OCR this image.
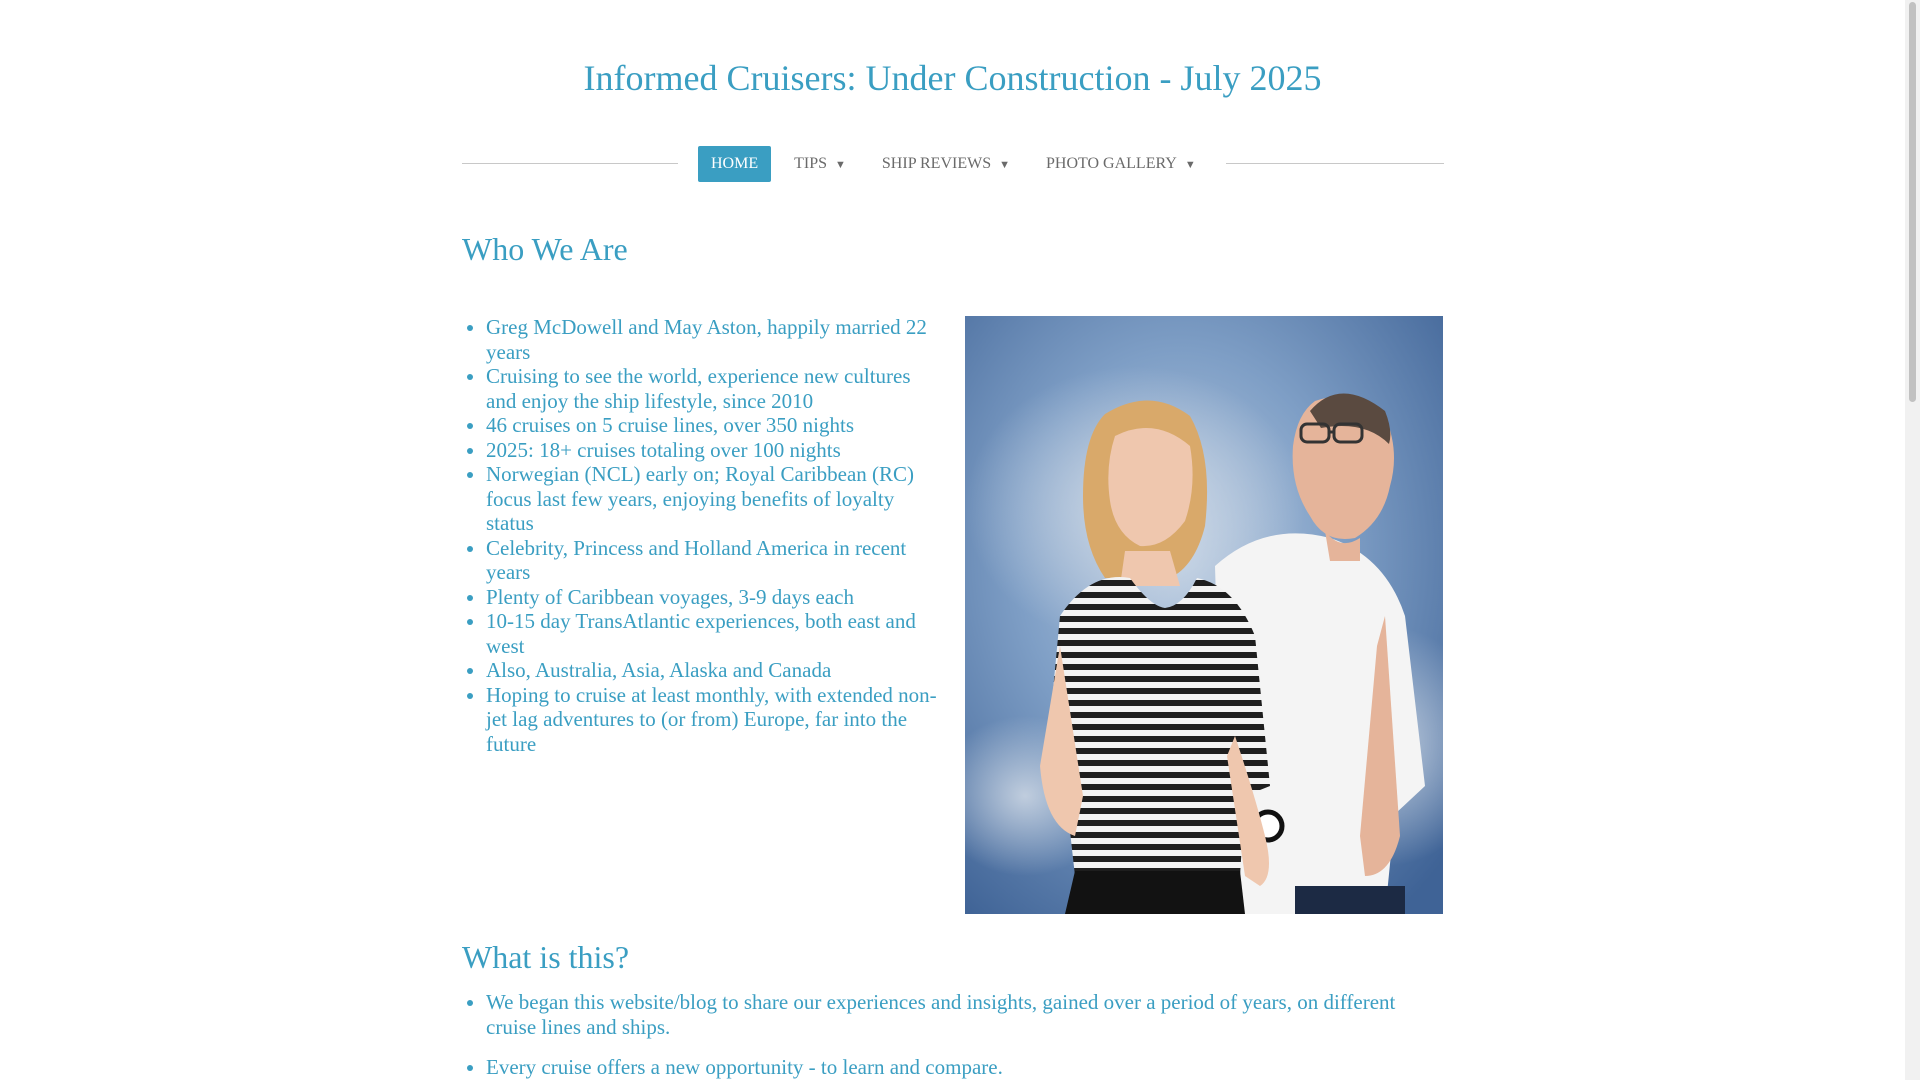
Informed Cruisers: Under Construction - July 2025
HOME	TIPS ▼	SHIP REVIEWS ▼	PHOTO GALLERY ▼
Who We Are
• Greg McDowell and May Aston, happily married 22 years
• Cruising to see the world, experience new cultures and enjoy the ship lifestyle, since 2010
• 46 cruises on 5 cruise lines, over 350 nights
• 2025: 18+ cruises totaling over 100 nights
• Norwegian (NCL) early on; Royal Caribbean (RC) focus last few years, enjoying benefits of loyalty status
• Celebrity, Princess and Holland America in recent years
• Plenty of Caribbean voyages, 3-9 days each
• 10-15 day TransAtlantic experiences, both east and west
• Also, Australia, Asia, Alaska and Canada
• Hoping to cruise at least monthly, with extended non-jet lag adventures to (or from) Europe, far into the future
What is this?
• We began this website/blog to share our experiences and insights, gained over a period of years, on different cruise lines and ships.
• Every cruise offers a new opportunity - to learn and compare.
